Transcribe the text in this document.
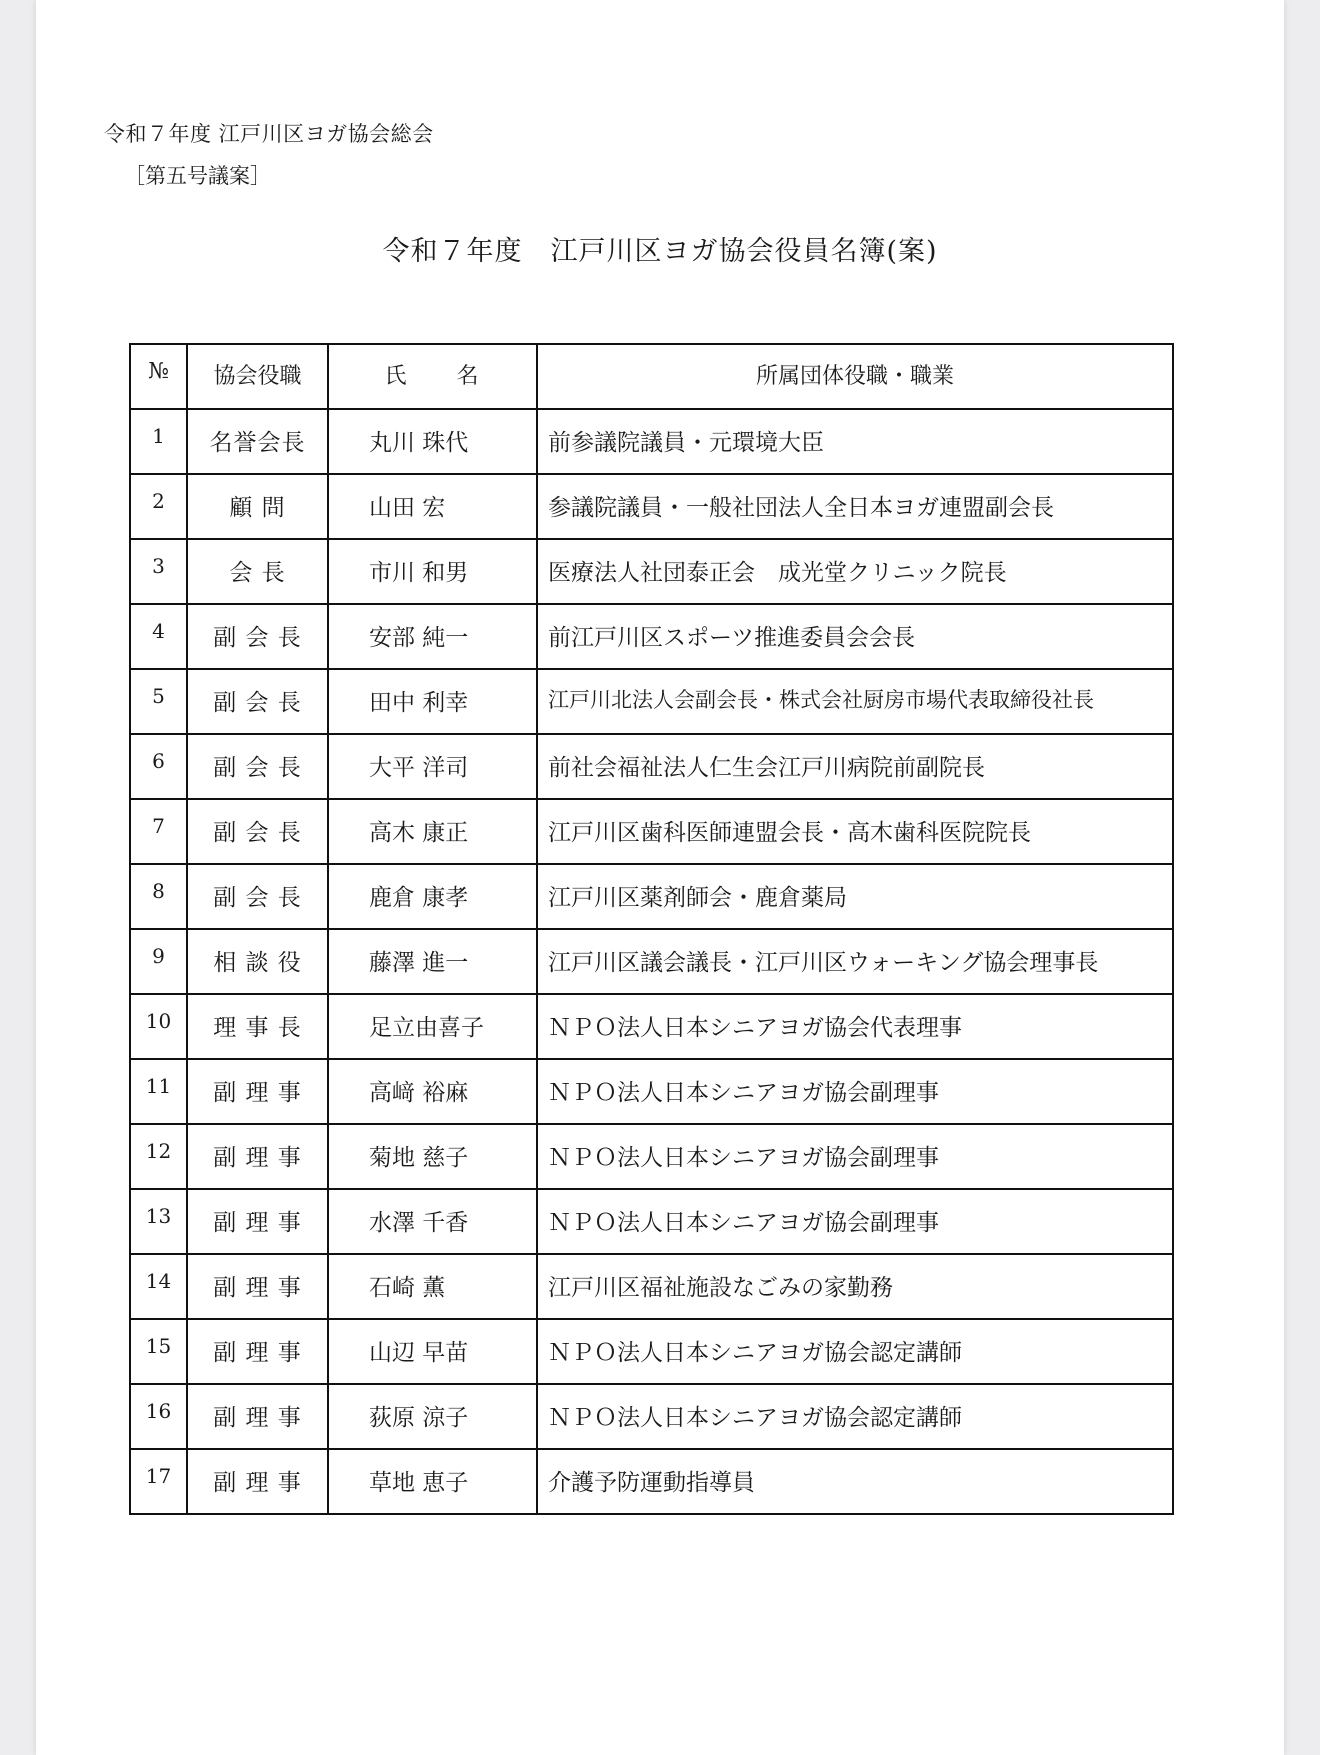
令和７年度 江戸川区ヨガ協会総会
［第五号議案］
令和７年度　江戸川区ヨガ協会役員名簿(案)
№	協会役職	氏　　名	所属団体役職・職業
1	名誉会長	丸川 珠代	前参議院議員・元環境大臣
2	顧 問	山田 宏	参議院議員・一般社団法人全日本ヨガ連盟副会長
3	会 長	市川 和男	医療法人社団泰正会　成光堂クリニック院長
4	副 会 長	安部 純一	前江戸川区スポーツ推進委員会会長
5	副 会 長	田中 利幸	江戸川北法人会副会長・株式会社厨房市場代表取締役社長
6	副 会 長	大平 洋司	前社会福祉法人仁生会江戸川病院前副院長
7	副 会 長	高木 康正	江戸川区歯科医師連盟会長・高木歯科医院院長
8	副 会 長	鹿倉 康孝	江戸川区薬剤師会・鹿倉薬局
9	相 談 役	藤澤 進一	江戸川区議会議長・江戸川区ウォーキング協会理事長
10	理 事 長	足立由喜子	ＮＰＯ法人日本シニアヨガ協会代表理事
11	副 理 事	高﨑 裕麻	ＮＰＯ法人日本シニアヨガ協会副理事
12	副 理 事	菊地 慈子	ＮＰＯ法人日本シニアヨガ協会副理事
13	副 理 事	水澤 千香	ＮＰＯ法人日本シニアヨガ協会副理事
14	副 理 事	石崎 薫	江戸川区福祉施設なごみの家勤務
15	副 理 事	山辺 早苗	ＮＰＯ法人日本シニアヨガ協会認定講師
16	副 理 事	荻原 涼子	ＮＰＯ法人日本シニアヨガ協会認定講師
17	副 理 事	草地 恵子	介護予防運動指導員
